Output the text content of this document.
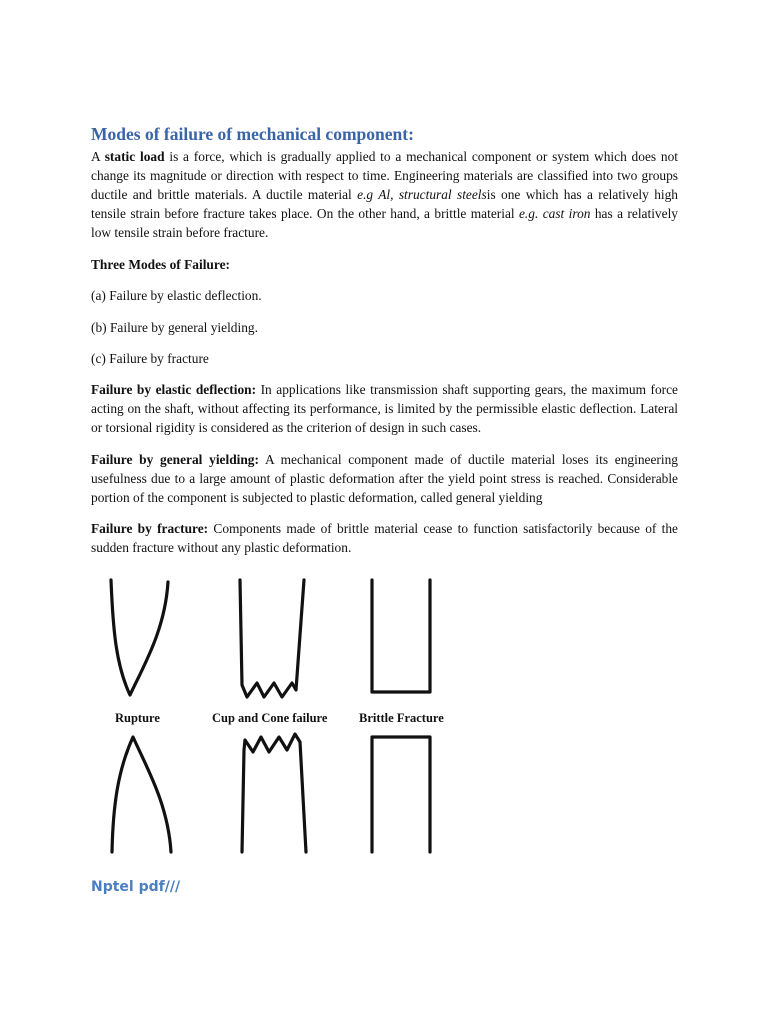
Modes of failure of mechanical component:

A static load is a force, which is gradually applied to a mechanical component or system which does not change its magnitude or direction with respect to time. Engineering materials are classified into two groups ductile and brittle materials. A ductile material e.g Al, structural steelsis one which has a relatively high tensile strain before fracture takes place. On the other hand, a brittle material e.g. cast iron has a relatively low tensile strain before fracture.

Three Modes of Failure:

(a) Failure by elastic deflection.

(b) Failure by general yielding.

(c) Failure by fracture

Failure by elastic deflection: In applications like transmission shaft supporting gears, the maximum force acting on the shaft, without affecting its performance, is limited by the permissible elastic deflection. Lateral or torsional rigidity is considered as the criterion of design in such cases.

Failure by general yielding: A mechanical component made of ductile material loses its engineering usefulness due to a large amount of plastic deformation after the yield point stress is reached. Considerable portion of the component is subjected to plastic deformation, called general yielding

Failure by fracture: Components made of brittle material cease to function satisfactorily because of the sudden fracture without any plastic deformation.

Rupture	Cup and Cone failure	Brittle Fracture

Nptel pdf///
